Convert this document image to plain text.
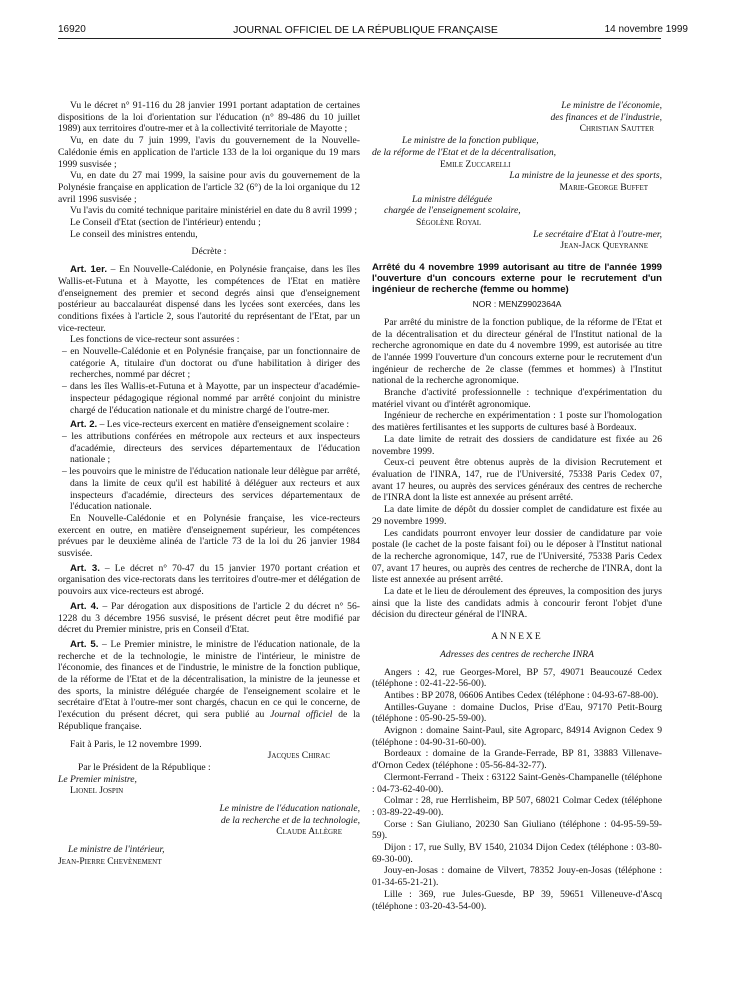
16920	JOURNAL OFFICIEL DE LA RÉPUBLIQUE FRANÇAISE	14 novembre 1999

Vu le décret n° 91-116 du 28 janvier 1991 portant adaptation de certaines dispositions de la loi d'orientation sur l'éducation (n° 89-486 du 10 juillet 1989) aux territoires d'outre-mer et à la collectivité territoriale de Mayotte ;

Vu, en date du 7 juin 1999, l'avis du gouvernement de la Nouvelle-Calédonie émis en application de l'article 133 de la loi organique du 19 mars 1999 susvisée ;

Vu, en date du 27 mai 1999, la saisine pour avis du gouvernement de la Polynésie française en application de l'article 32 (6°) de la loi organique du 12 avril 1996 susvisée ;

Vu l'avis du comité technique paritaire ministériel en date du 8 avril 1999 ;

Le Conseil d'Etat (section de l'intérieur) entendu ;

Le conseil des ministres entendu,

Décrète :

Art. 1er. – En Nouvelle-Calédonie, en Polynésie française, dans les îles Wallis-et-Futuna et à Mayotte, les compétences de l'Etat en matière d'enseignement des premier et second degrés ainsi que d'enseignement postérieur au baccalauréat dispensé dans les lycées sont exercées, dans les conditions fixées à l'article 2, sous l'autorité du représentant de l'Etat, par un vice-recteur.

Les fonctions de vice-recteur sont assurées :

– en Nouvelle-Calédonie et en Polynésie française, par un fonctionnaire de catégorie A, titulaire d'un doctorat ou d'une habilitation à diriger des recherches, nommé par décret ;

– dans les îles Wallis-et-Futuna et à Mayotte, par un inspecteur d'académie-inspecteur pédagogique régional nommé par arrêté conjoint du ministre chargé de l'éducation nationale et du ministre chargé de l'outre-mer.

Art. 2. – Les vice-recteurs exercent en matière d'enseignement scolaire :

– les attributions conférées en métropole aux recteurs et aux inspecteurs d'académie, directeurs des services départementaux de l'éducation nationale ;

– les pouvoirs que le ministre de l'éducation nationale leur délègue par arrêté, dans la limite de ceux qu'il est habilité à déléguer aux recteurs et aux inspecteurs d'académie, directeurs des services départementaux de l'éducation nationale.

En Nouvelle-Calédonie et en Polynésie française, les vice-recteurs exercent en outre, en matière d'enseignement supérieur, les compétences prévues par le deuxième alinéa de l'article 73 de la loi du 26 janvier 1984 susvisée.

Art. 3. – Le décret n° 70-47 du 15 janvier 1970 portant création et organisation des vice-rectorats dans les territoires d'outre-mer et délégation de pouvoirs aux vice-recteurs est abrogé.

Art. 4. – Par dérogation aux dispositions de l'article 2 du décret n° 56-1228 du 3 décembre 1956 susvisé, le présent décret peut être modifié par décret du Premier ministre, pris en Conseil d'Etat.

Art. 5. – Le Premier ministre, le ministre de l'éducation nationale, de la recherche et de la technologie, le ministre de l'intérieur, le ministre de l'économie, des finances et de l'industrie, le ministre de la fonction publique, de la réforme de l'Etat et de la décentralisation, la ministre de la jeunesse et des sports, la ministre déléguée chargée de l'enseignement scolaire et le secrétaire d'Etat à l'outre-mer sont chargés, chacun en ce qui le concerne, de l'exécution du présent décret, qui sera publié au Journal officiel de la République française.

Fait à Paris, le 12 novembre 1999.

Jacques Chirac

Par le Président de la République :

Le Premier ministre,

Lionel Jospin

Le ministre de l'éducation nationale,

de la recherche et de la technologie,

Claude Allègre

Le ministre de l'intérieur,

Jean-Pierre Chevènement

Le ministre de l'économie,

des finances et de l'industrie,

Christian Sautter

Le ministre de la fonction publique,

de la réforme de l'Etat et de la décentralisation,

Emile Zuccarelli

La ministre de la jeunesse et des sports,

Marie-George Buffet

La ministre déléguée

chargée de l'enseignement scolaire,

Ségolène Royal

Le secrétaire d'Etat à l'outre-mer,

Jean-Jack Queyranne

Arrêté du 4 novembre 1999 autorisant au titre de l'année 1999 l'ouverture d'un concours externe pour le recrutement d'un ingénieur de recherche (femme ou homme)

NOR : MENZ9902364A

Par arrêté du ministre de la fonction publique, de la réforme de l'Etat et de la décentralisation et du directeur général de l'Institut national de la recherche agronomique en date du 4 novembre 1999, est autorisée au titre de l'année 1999 l'ouverture d'un concours externe pour le recrutement d'un ingénieur de recherche de 2e classe (femmes et hommes) à l'Institut national de la recherche agronomique.

Branche d'activité professionnelle : technique d'expérimentation du matériel vivant ou d'intérêt agronomique.

Ingénieur de recherche en expérimentation : 1 poste sur l'homologation des matières fertilisantes et les supports de cultures basé à Bordeaux.

La date limite de retrait des dossiers de candidature est fixée au 26 novembre 1999.

Ceux-ci peuvent être obtenus auprès de la division Recrutement et évaluation de l'INRA, 147, rue de l'Université, 75338 Paris Cedex 07, avant 17 heures, ou auprès des services généraux des centres de recherche de l'INRA dont la liste est annexée au présent arrêté.

La date limite de dépôt du dossier complet de candidature est fixée au 29 novembre 1999.

Les candidats pourront envoyer leur dossier de candidature par voie postale (le cachet de la poste faisant foi) ou le déposer à l'Institut national de la recherche agronomique, 147, rue de l'Université, 75338 Paris Cedex 07, avant 17 heures, ou auprès des centres de recherche de l'INRA, dont la liste est annexée au présent arrêté.

La date et le lieu de déroulement des épreuves, la composition des jurys ainsi que la liste des candidats admis à concourir feront l'objet d'une décision du directeur général de l'INRA.

ANNEXE

Adresses des centres de recherche INRA

Angers : 42, rue Georges-Morel, BP 57, 49071 Beaucouzé Cedex (téléphone : 02-41-22-56-00).

Antibes : BP 2078, 06606 Antibes Cedex (téléphone : 04-93-67-88-00).

Antilles-Guyane : domaine Duclos, Prise d'Eau, 97170 Petit-Bourg (téléphone : 05-90-25-59-00).

Avignon : domaine Saint-Paul, site Agroparc, 84914 Avignon Cedex 9 (téléphone : 04-90-31-60-00).

Bordeaux : domaine de la Grande-Ferrade, BP 81, 33883 Villenave-d'Ornon Cedex (téléphone : 05-56-84-32-77).

Clermont-Ferrand - Theix : 63122 Saint-Genès-Champanelle (téléphone : 04-73-62-40-00).

Colmar : 28, rue Herrlisheim, BP 507, 68021 Colmar Cedex (téléphone : 03-89-22-49-00).

Corse : San Giuliano, 20230 San Giuliano (téléphone : 04-95-59-59-59).

Dijon : 17, rue Sully, BV 1540, 21034 Dijon Cedex (téléphone : 03-80-69-30-00).

Jouy-en-Josas : domaine de Vilvert, 78352 Jouy-en-Josas (téléphone : 01-34-65-21-21).

Lille : 369, rue Jules-Guesde, BP 39, 59651 Villeneuve-d'Ascq (téléphone : 03-20-43-54-00).
